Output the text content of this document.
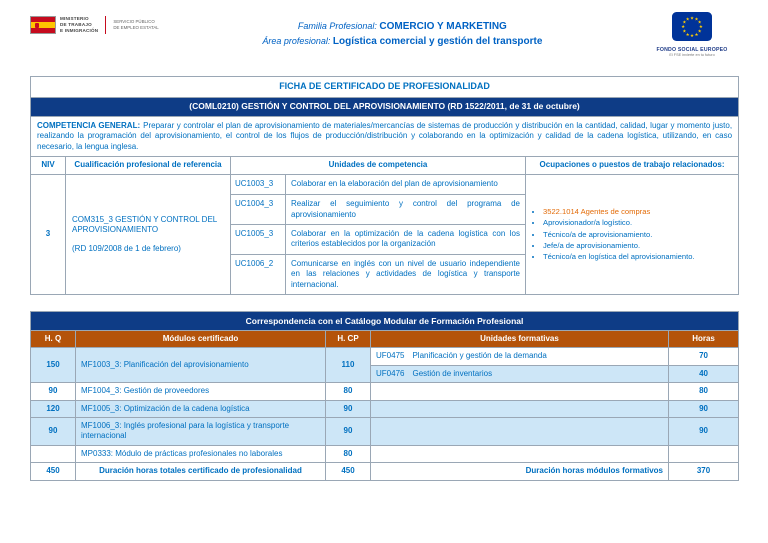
MINISTERIO
DE TRABAJO
E INMIGRACIÓN
SERVICIO PÚBLICO
DE EMPLEO ESTATAL	Familia Profesional: COMERCIO Y MARKETING
Área profesional: Logística comercial y gestión del transporte
★ ★
★
★
★
★
★
★
★
★
★
★
FONDO SOCIAL EUROPEO
El FSE invierte en tu futuro
FICHA DE CERTIFICADO DE PROFESIONALIDAD			
(COML0210) GESTIÓN Y CONTROL DEL APROVISIONAMIENTO (RD 1522/2011, de 31 de octubre)			
COMPETENCIA GENERAL: Preparar y controlar el plan de aprovisionamiento de materiales/mercancías de sistemas de producción y distribución en la cantidad, calidad, lugar y momento justo, realizando la programación del aprovisionamiento, el control de los flujos de producción/distribución y colaborando en la optimización y calidad de la cadena logística, utilizando, en caso necesario, la lengua inglesa.			
NIV	Cualificación profesional de referencia	Unidades de competencia	Ocupaciones o puestos de trabajo relacionados:
3	
COM315_3 GESTIÓN Y CONTROL DEL APROVISIONAMIENTO
(RD 109/2008 de 1 de febrero)

UC1003_3	Colaborar en la elaboración del plan de aprovisionamiento
UC1004_3	Realizar el seguimiento y control del programa de aprovisionamiento
UC1005_3	Colaborar en la optimización de la cadena logística con los criterios establecidos por la organización
UC1006_2	Comunicarse en inglés con un nivel de usuario independiente en las relaciones y actividades de logística y transporte internacional.

• 3522.1014 Agentes de compras
• Aprovisionador/a logístico.
• Técnico/a de aprovisionamiento.
• Jefe/a de aprovisionamiento.
• Técnico/a en logística del aprovisionamiento.
Correspondencia con el Catálogo Modular de Formación Profesional				
H. Q	Módulos certificado	H. CP	Unidades formativas	Horas
150	MF1003_3: Planificación del aprovisionamiento	110	UF0475 Planificación y gestión de la demanda	70
			UF0476 Gestión de inventarios	40
90	MF1004_3: Gestión de proveedores	80		80
120	MF1005_3: Optimización de la cadena logística	90		90
90	MF1006_3: Inglés profesional para la logística y transporte internacional	90		90
	MP0333: Módulo de prácticas profesionales no laborales	80		
450	Duración horas totales certificado de profesionalidad	450	Duración horas módulos formativos	370
